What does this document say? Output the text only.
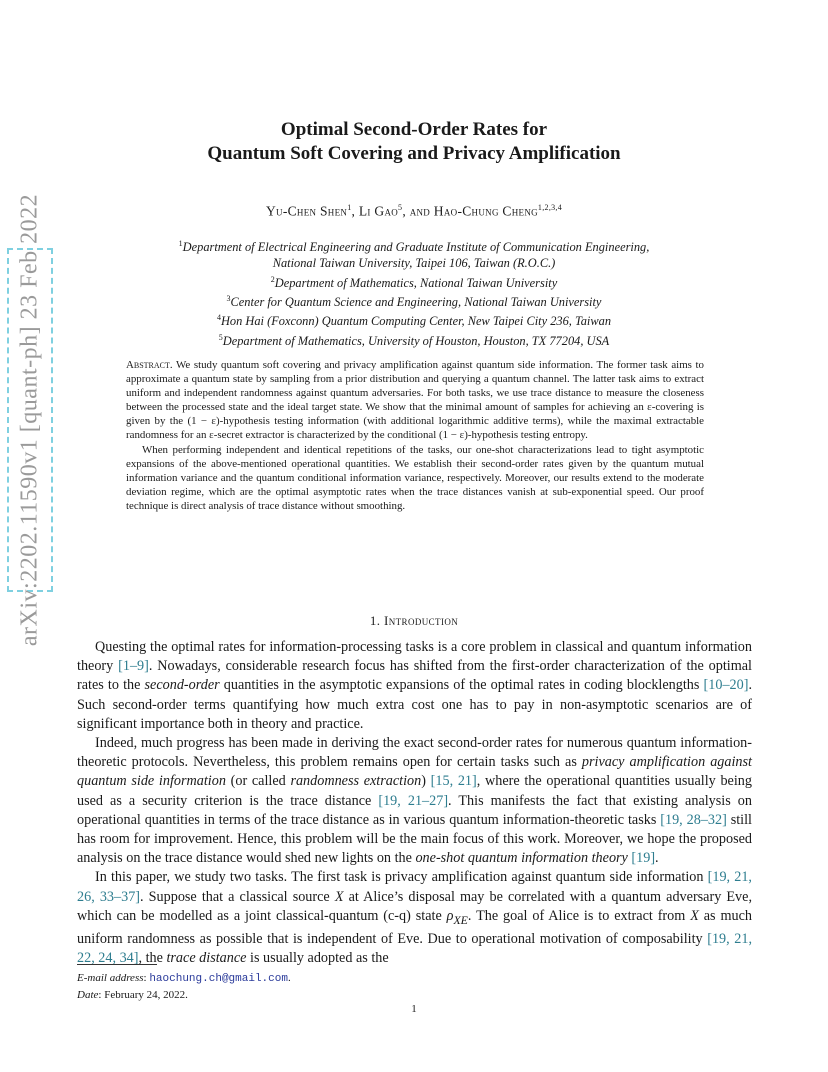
arXiv:2202.11590v1 [quant-ph] 23 Feb 2022
Optimal Second-Order Rates for
Quantum Soft Covering and Privacy Amplification
Yu-Chen Shen$^1$, Li Gao$^5$, and Hao-Chung Cheng$^{1,2,3,4}$
$^1$Department of Electrical Engineering and Graduate Institute of Communication Engineering,
National Taiwan University, Taipei 106, Taiwan (R.O.C.)
$^2$Department of Mathematics, National Taiwan University
$^3$Center for Quantum Science and Engineering, National Taiwan University
$^4$Hon Hai (Foxconn) Quantum Computing Center, New Taipei City 236, Taiwan
$^5$Department of Mathematics, University of Houston, Houston, TX 77204, USA

Abstract. We study quantum soft covering and privacy amplification against quantum side information. The former task aims to approximate a quantum state by sampling from a prior distribution and querying a quantum channel. The latter task aims to extract uniform and independent randomness against quantum adversaries. For both tasks, we use trace distance to measure the closeness between the processed state and the ideal target state. We show that the minimal amount of samples for achieving an ε-covering is given by the (1 − ε)-hypothesis testing information (with additional logarithmic additive terms), while the maximal extractable randomness for an ε-secret extractor is characterized by the conditional (1 − ε)-hypothesis testing entropy.

When performing independent and identical repetitions of the tasks, our one-shot characterizations lead to tight asymptotic expansions of the above-mentioned operational quantities. We establish their second-order rates given by the quantum mutual information variance and the quantum conditional information variance, respectively. Moreover, our results extend to the moderate deviation regime, which are the optimal asymptotic rates when the trace distances vanish at sub-exponential speed. Our proof technique is direct analysis of trace distance without smoothing.

1. Introduction

Questing the optimal rates for information-processing tasks is a core problem in classical and quantum information theory [1–9]. Nowadays, considerable research focus has shifted from the first-order characterization of the optimal rates to the second-order quantities in the asymptotic expansions of the optimal rates in coding blocklengths [10–20]. Such second-order terms quantifying how much extra cost one has to pay in non-asymptotic scenarios are of significant importance both in theory and practice.

Indeed, much progress has been made in deriving the exact second-order rates for numerous quantum information-theoretic protocols. Nevertheless, this problem remains open for certain tasks such as privacy amplification against quantum side information (or called randomness extraction) [15, 21], where the operational quantities usually being used as a security criterion is the trace distance [19, 21–27]. This manifests the fact that existing analysis on operational quantities in terms of the trace distance as in various quantum information-theoretic tasks [19, 28–32] still has room for improvement. Hence, this problem will be the main focus of this work. Moreover, we hope the proposed analysis on the trace distance would shed new lights on the one-shot quantum information theory [19].

In this paper, we study two tasks. The first task is privacy amplification against quantum side information [19, 21, 26, 33–37]. Suppose that a classical source X at Alice’s disposal may be correlated with a quantum adversary Eve, which can be modelled as a joint classical-quantum (c-q) state $\rho_{XE}$. The goal of Alice is to extract from X as much uniform randomness as possible that is independent of Eve. Due to operational motivation of composability [19, 21, 22, 24, 34], the trace distance is usually adopted as the

E-mail address: haochung.ch@gmail.com.
Date: February 24, 2022.
1
